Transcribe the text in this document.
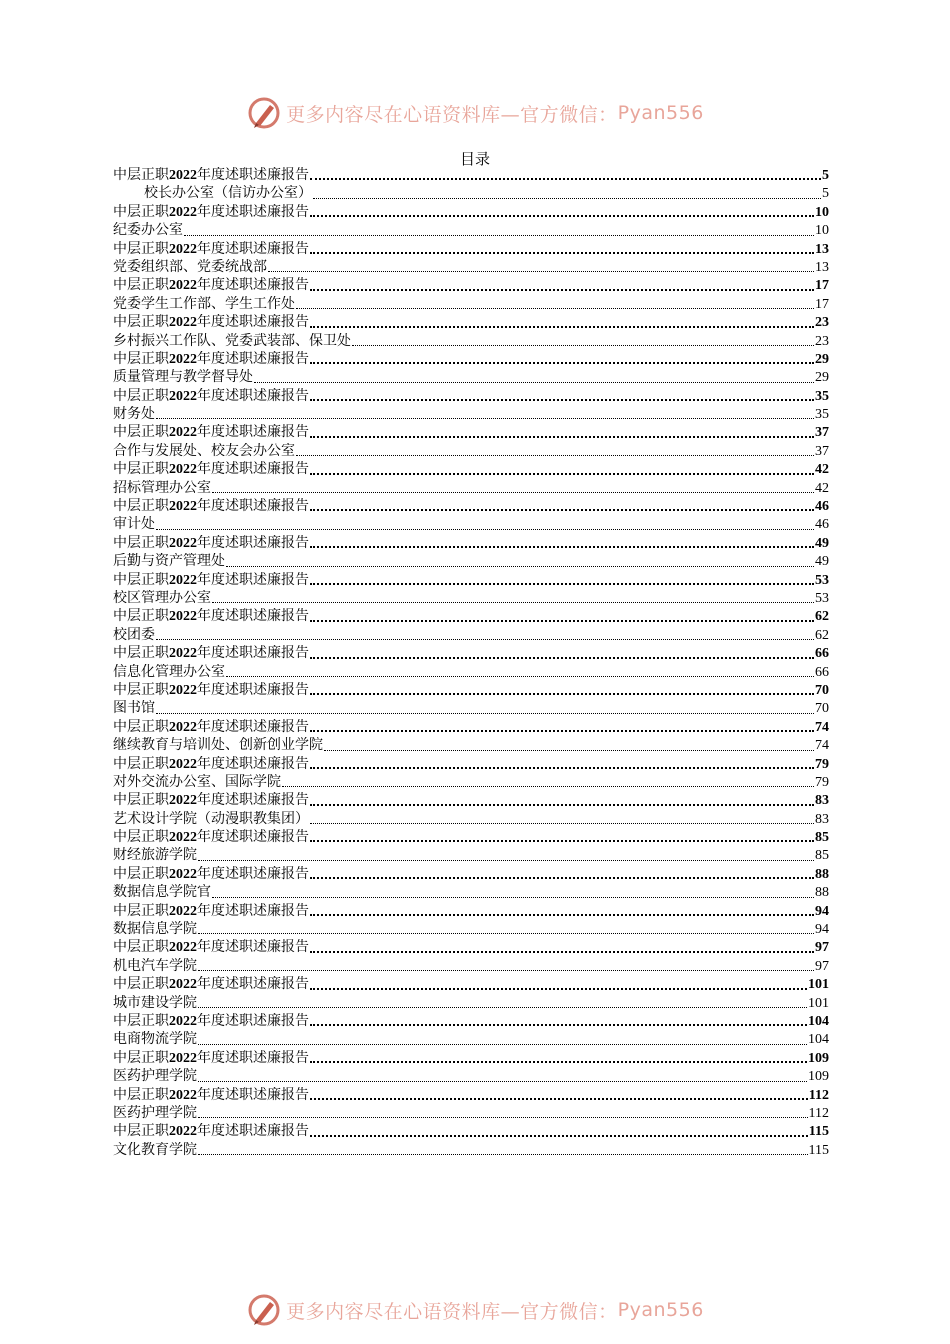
更多内容尽在心语资料库—官方微信： Pyan556
目录
中层正职2022年度述职述廉报告	5
校长办公室（信访办公室）	5
中层正职2022年度述职述廉报告	10
纪委办公室	10
中层正职2022年度述职述廉报告	13
党委组织部、党委统战部	13
中层正职2022年度述职述廉报告	17
党委学生工作部、学生工作处	17
中层正职2022年度述职述廉报告	23
乡村振兴工作队、党委武装部、保卫处	23
中层正职2022年度述职述廉报告	29
质量管理与教学督导处	29
中层正职2022年度述职述廉报告	35
财务处	35
中层正职2022年度述职述廉报告	37
合作与发展处、校友会办公室	37
中层正职2022年度述职述廉报告	42
招标管理办公室	42
中层正职2022年度述职述廉报告	46
审计处	46
中层正职2022年度述职述廉报告	49
后勤与资产管理处	49
中层正职2022年度述职述廉报告	53
校区管理办公室	53
中层正职2022年度述职述廉报告	62
校团委	62
中层正职2022年度述职述廉报告	66
信息化管理办公室	66
中层正职2022年度述职述廉报告	70
图书馆	70
中层正职2022年度述职述廉报告	74
继续教育与培训处、创新创业学院	74
中层正职2022年度述职述廉报告	79
对外交流办公室、国际学院	79
中层正职2022年度述职述廉报告	83
艺术设计学院（动漫职教集团）	83
中层正职2022年度述职述廉报告	85
财经旅游学院	85
中层正职2022年度述职述廉报告	88
数据信息学院官	88
中层正职2022年度述职述廉报告	94
数据信息学院	94
中层正职2022年度述职述廉报告	97
机电汽车学院	97
中层正职2022年度述职述廉报告	101
城市建设学院	101
中层正职2022年度述职述廉报告	104
电商物流学院	104
中层正职2022年度述职述廉报告	109
医药护理学院	109
中层正职2022年度述职述廉报告	112
医药护理学院	112
中层正职2022年度述职述廉报告	115
文化教育学院	115
更多内容尽在心语资料库—官方微信： Pyan556
